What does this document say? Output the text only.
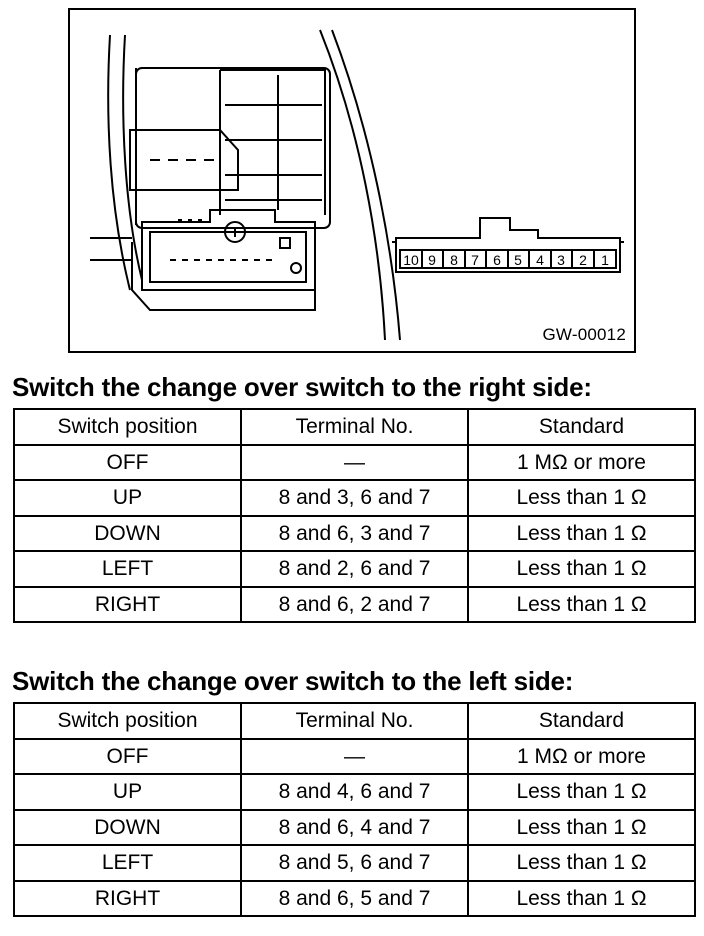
10 9 8 7 6 5 4 3 2 1
GW-00012
Switch the change over switch to the right side:
Switch position	Terminal No.	Standard
OFF	—	1 MΩ or more
UP	8 and 3, 6 and 7	Less than 1 Ω
DOWN	8 and 6, 3 and 7	Less than 1 Ω
LEFT	8 and 2, 6 and 7	Less than 1 Ω
RIGHT	8 and 6, 2 and 7	Less than 1 Ω
Switch the change over switch to the left side:
Switch position	Terminal No.	Standard
OFF	—	1 MΩ or more
UP	8 and 4, 6 and 7	Less than 1 Ω
DOWN	8 and 6, 4 and 7	Less than 1 Ω
LEFT	8 and 5, 6 and 7	Less than 1 Ω
RIGHT	8 and 6, 5 and 7	Less than 1 Ω
